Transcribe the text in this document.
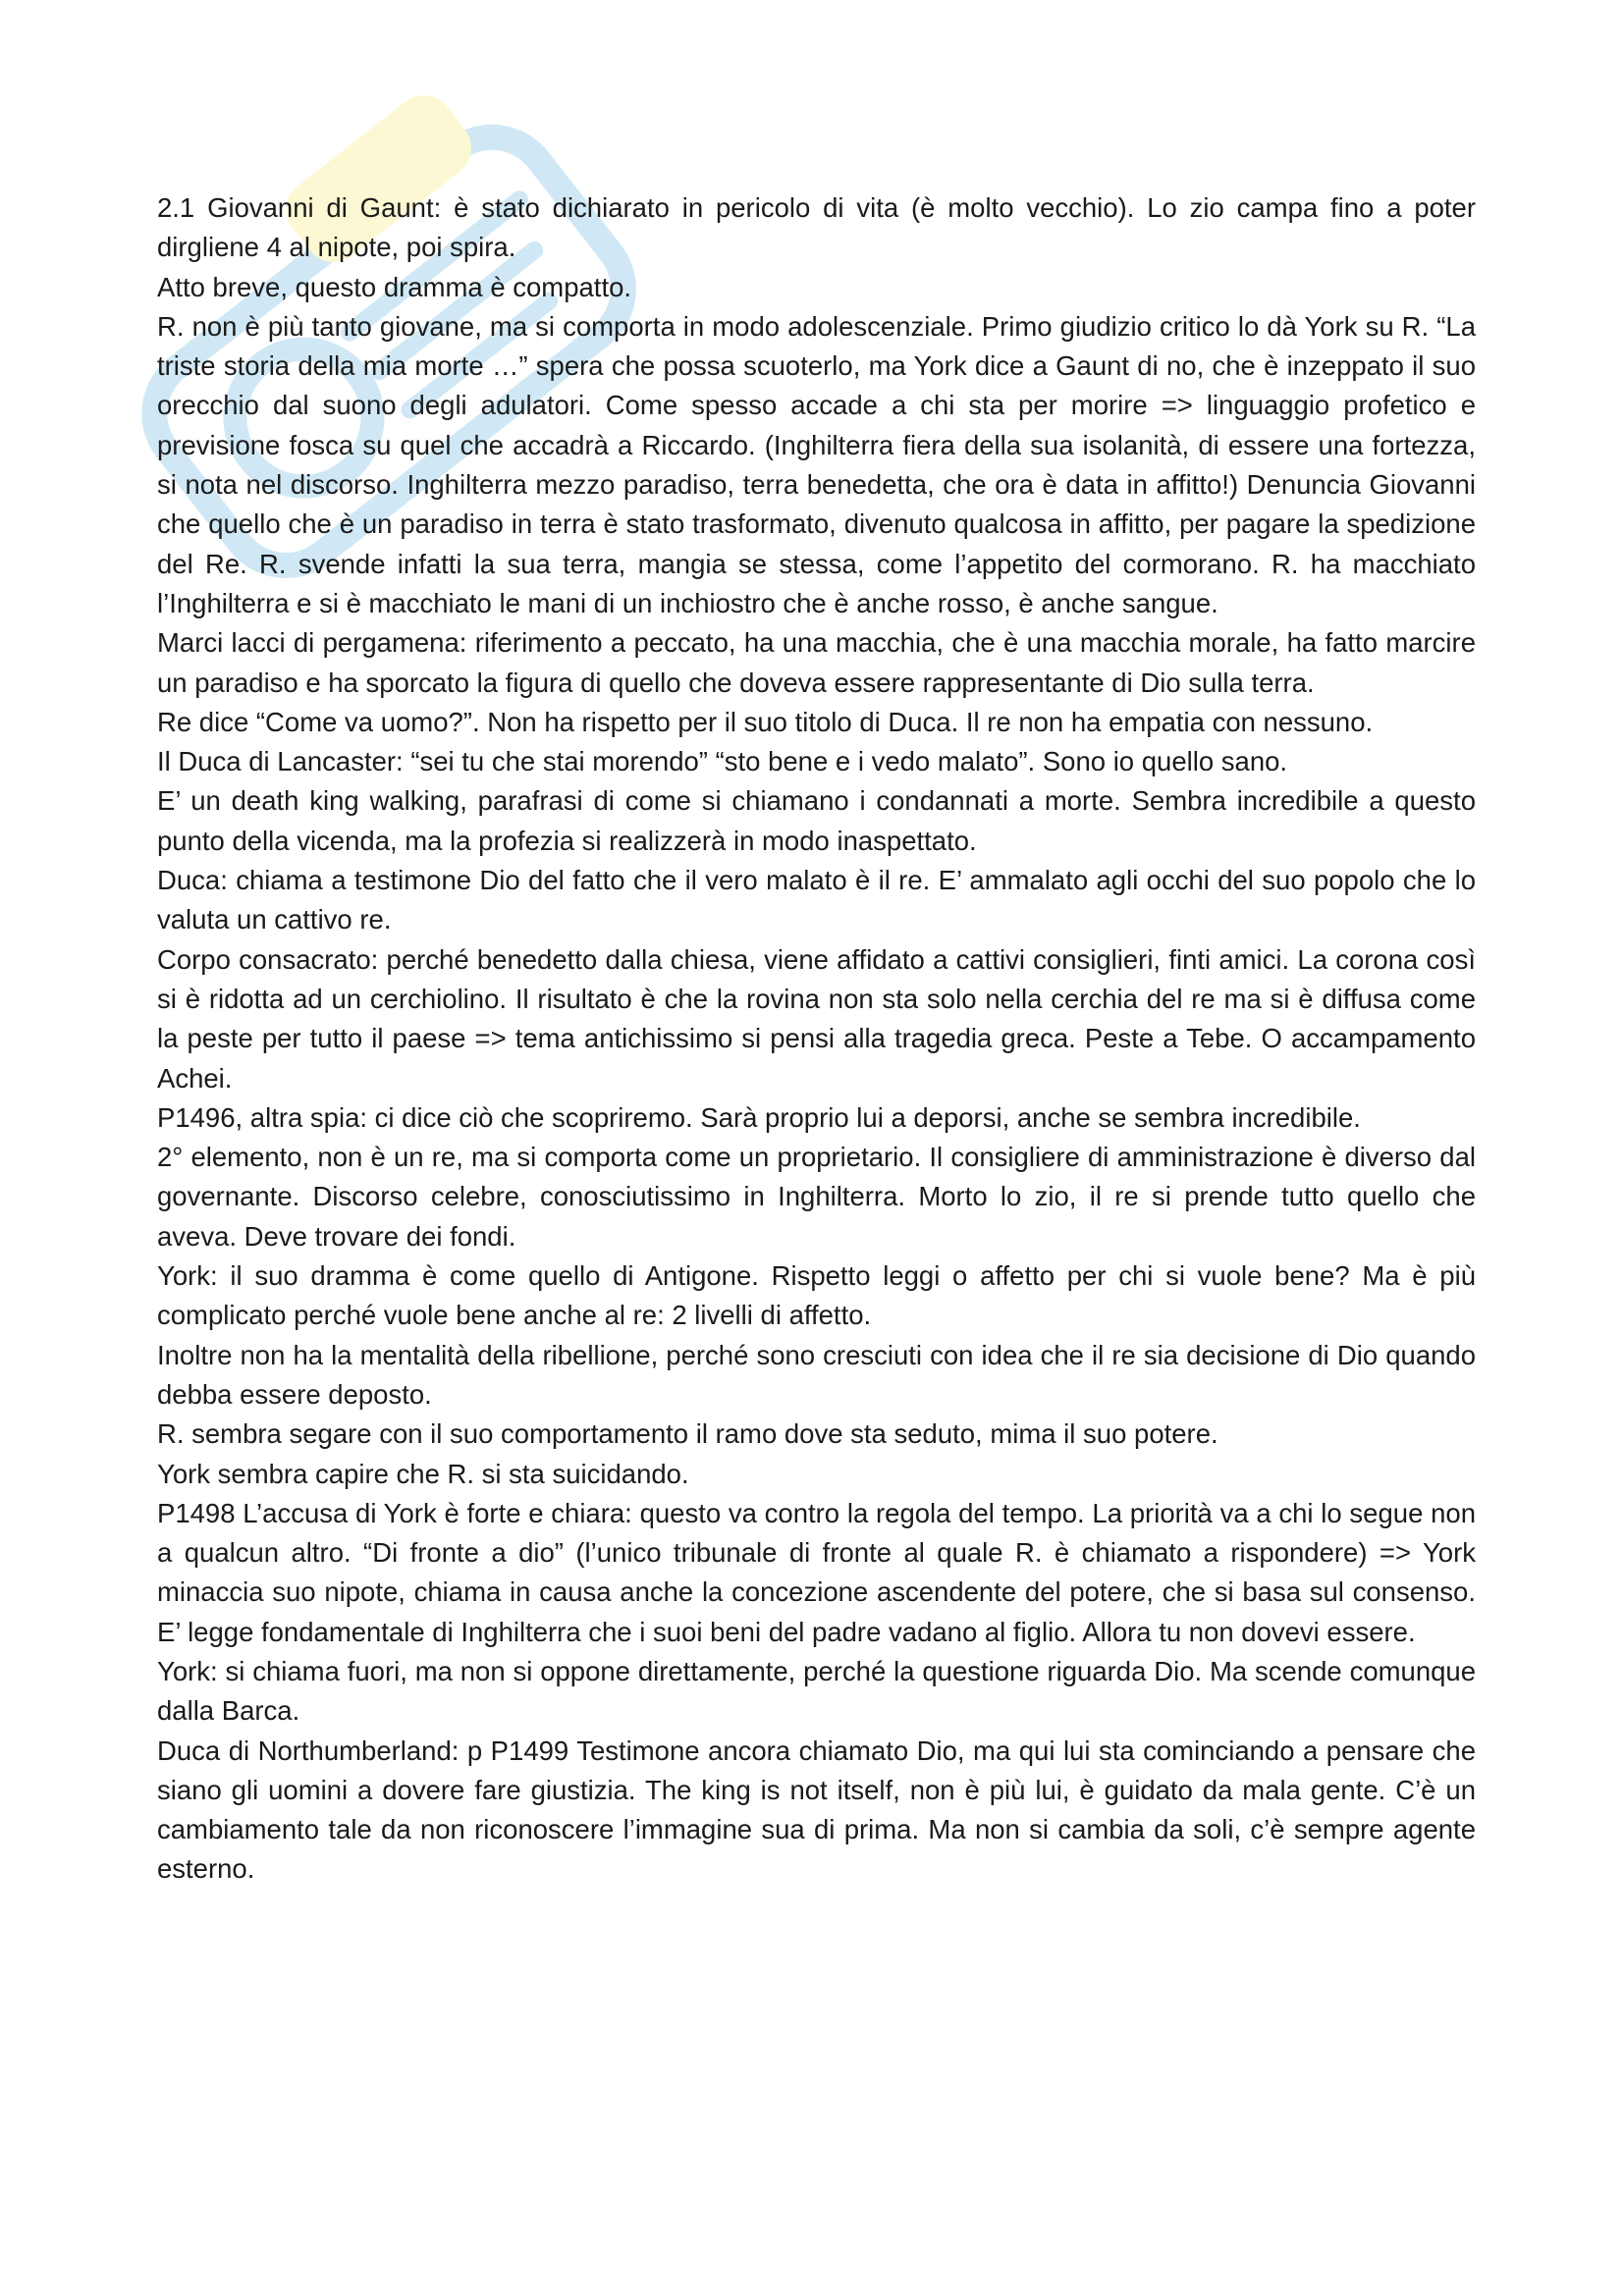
2.1 Giovanni di Gaunt: è stato dichiarato in pericolo di vita (è molto vecchio). Lo zio campa fino a poter dirgliene 4 al nipote, poi spira.

Atto breve, questo dramma è compatto.

R. non è più tanto giovane, ma si comporta in modo adolescenziale. Primo giudizio critico lo dà York su R. “La triste storia della mia morte …” spera che possa scuoterlo, ma York dice a Gaunt di no, che è inzeppato il suo orecchio dal suono degli adulatori. Come spesso accade a chi sta per morire => linguaggio profetico e previsione fosca su quel che accadrà a Riccardo. (Inghilterra fiera della sua isolanità, di essere una fortezza, si nota nel discorso. Inghilterra mezzo paradiso, terra benedetta, che ora è data in affitto!) Denuncia Giovanni che quello che è un paradiso in terra è stato trasformato, divenuto qualcosa in affitto, per pagare la spedizione del Re. R. svende infatti la sua terra, mangia se stessa, come l’appetito del cormorano. R. ha macchiato l’Inghilterra e si è macchiato le mani di un inchiostro che è anche rosso, è anche sangue.

Marci lacci di pergamena: riferimento a peccato, ha una macchia, che è una macchia morale, ha fatto marcire un paradiso e ha sporcato la figura di quello che doveva essere rappresentante di Dio sulla terra.

Re dice “Come va uomo?”. Non ha rispetto per il suo titolo di Duca. Il re non ha empatia con nessuno.

Il Duca di Lancaster: “sei tu che stai morendo” “sto bene e i vedo malato”. Sono io quello sano.

E’ un death king walking, parafrasi di come si chiamano i condannati a morte. Sembra incredibile a questo punto della vicenda, ma la profezia si realizzerà in modo inaspettato.

Duca: chiama a testimone Dio del fatto che il vero malato è il re. E’ ammalato agli occhi del suo popolo che lo valuta un cattivo re.

Corpo consacrato: perché benedetto dalla chiesa, viene affidato a cattivi consiglieri, finti amici. La corona così si è ridotta ad un cerchiolino. Il risultato è che la rovina non sta solo nella cerchia del re ma si è diffusa come la peste per tutto il paese => tema antichissimo si pensi alla tragedia greca. Peste a Tebe. O accampamento Achei.

P1496, altra spia: ci dice ciò che scopriremo. Sarà proprio lui a deporsi, anche se sembra incredibile.

2° elemento, non è un re, ma si comporta come un proprietario. Il consigliere di amministrazione è diverso dal governante. Discorso celebre, conosciutissimo in Inghilterra. Morto lo zio, il re si prende tutto quello che aveva. Deve trovare dei fondi.

York: il suo dramma è come quello di Antigone. Rispetto leggi o affetto per chi si vuole bene? Ma è più complicato perché vuole bene anche al re: 2 livelli di affetto.

Inoltre non ha la mentalità della ribellione, perché sono cresciuti con idea che il re sia decisione di Dio quando debba essere deposto.

R. sembra segare con il suo comportamento il ramo dove sta seduto, mima il suo potere.

York sembra capire che R. si sta suicidando.

P1498 L’accusa di York è forte e chiara: questo va contro la regola del tempo. La priorità va a chi lo segue non a qualcun altro. “Di fronte a dio” (l’unico tribunale di fronte al quale R. è chiamato a rispondere) => York minaccia suo nipote, chiama in causa anche la concezione ascendente del potere, che si basa sul consenso. E’ legge fondamentale di Inghilterra che i suoi beni del padre vadano al figlio. Allora tu non dovevi essere.

York: si chiama fuori, ma non si oppone direttamente, perché la questione riguarda Dio. Ma scende comunque dalla Barca.

Duca di Northumberland: p P1499 Testimone ancora chiamato Dio, ma qui lui sta cominciando a pensare che siano gli uomini a dovere fare giustizia. The king is not itself, non è più lui, è guidato da mala gente. C’è un cambiamento tale da non riconoscere l’immagine sua di prima. Ma non si cambia da soli, c’è sempre agente esterno.
